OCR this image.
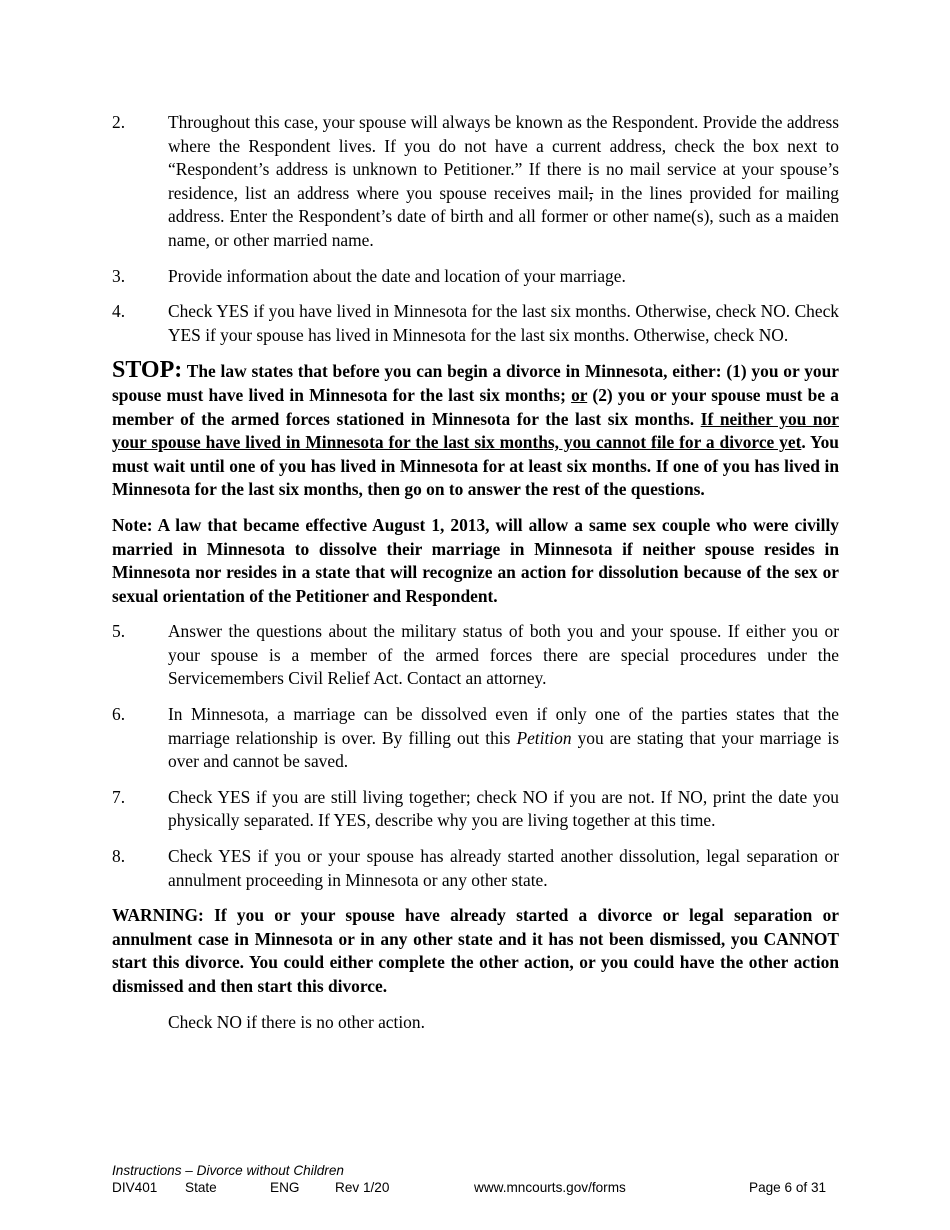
2. Throughout this case, your spouse will always be known as the Respondent. Provide the address where the Respondent lives. If you do not have a current address, check the box next to “Respondent’s address is unknown to Petitioner.” If there is no mail service at your spouse’s residence, list an address where you spouse receives mail, in the lines provided for mailing address. Enter the Respondent’s date of birth and all former or other name(s), such as a maiden name, or other married name.
3. Provide information about the date and location of your marriage.
4. Check YES if you have lived in Minnesota for the last six months. Otherwise, check NO. Check YES if your spouse has lived in Minnesota for the last six months. Otherwise, check NO.
STOP: The law states that before you can begin a divorce in Minnesota, either: (1) you or your spouse must have lived in Minnesota for the last six months; or (2) you or your spouse must be a member of the armed forces stationed in Minnesota for the last six months. If neither you nor your spouse have lived in Minnesota for the last six months, you cannot file for a divorce yet. You must wait until one of you has lived in Minnesota for at least six months. If one of you has lived in Minnesota for the last six months, then go on to answer the rest of the questions.
Note: A law that became effective August 1, 2013, will allow a same sex couple who were civilly married in Minnesota to dissolve their marriage in Minnesota if neither spouse resides in Minnesota nor resides in a state that will recognize an action for dissolution because of the sex or sexual orientation of the Petitioner and Respondent.
5. Answer the questions about the military status of both you and your spouse. If either you or your spouse is a member of the armed forces there are special procedures under the Servicemembers Civil Relief Act. Contact an attorney.
6. In Minnesota, a marriage can be dissolved even if only one of the parties states that the marriage relationship is over. By filling out this Petition you are stating that your marriage is over and cannot be saved.
7. Check YES if you are still living together; check NO if you are not. If NO, print the date you physically separated. If YES, describe why you are living together at this time.
8. Check YES if you or your spouse has already started another dissolution, legal separation or annulment proceeding in Minnesota or any other state.
WARNING: If you or your spouse have already started a divorce or legal separation or annulment case in Minnesota or in any other state and it has not been dismissed, you CANNOT start this divorce. You could either complete the other action, or you could have the other action dismissed and then start this divorce.
Check NO if there is no other action.
Instructions – Divorce without Children
DIV401 State	ENG	Rev 1/20	www.mncourts.gov/forms	Page 6 of 31
